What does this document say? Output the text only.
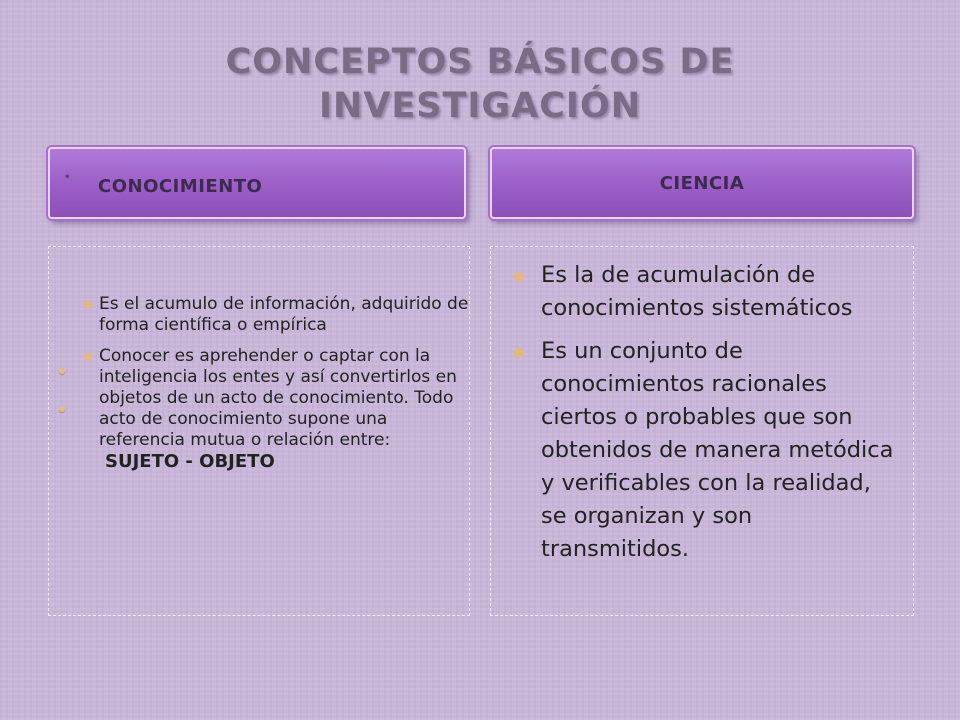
CONCEPTOS BÁSICOS DE
INVESTIGACIÓN
• CONOCIMIENTO	CIENCIA
◆ Es el acumulo de información, adquirido de forma científica o empírica
◆ Conocer es aprehender o captar con la inteligencia los entes y así convertirlos en objetos de un acto de conocimiento. Todo acto de conocimiento supone una referencia mutua o relación entre: SUJETO - OBJETO
◆ Es la de acumulación de conocimientos sistemáticos
◆ Es un conjunto de conocimientos racionales ciertos o probables que son obtenidos de manera metódica y verificables con la realidad, se organizan y son transmitidos.
